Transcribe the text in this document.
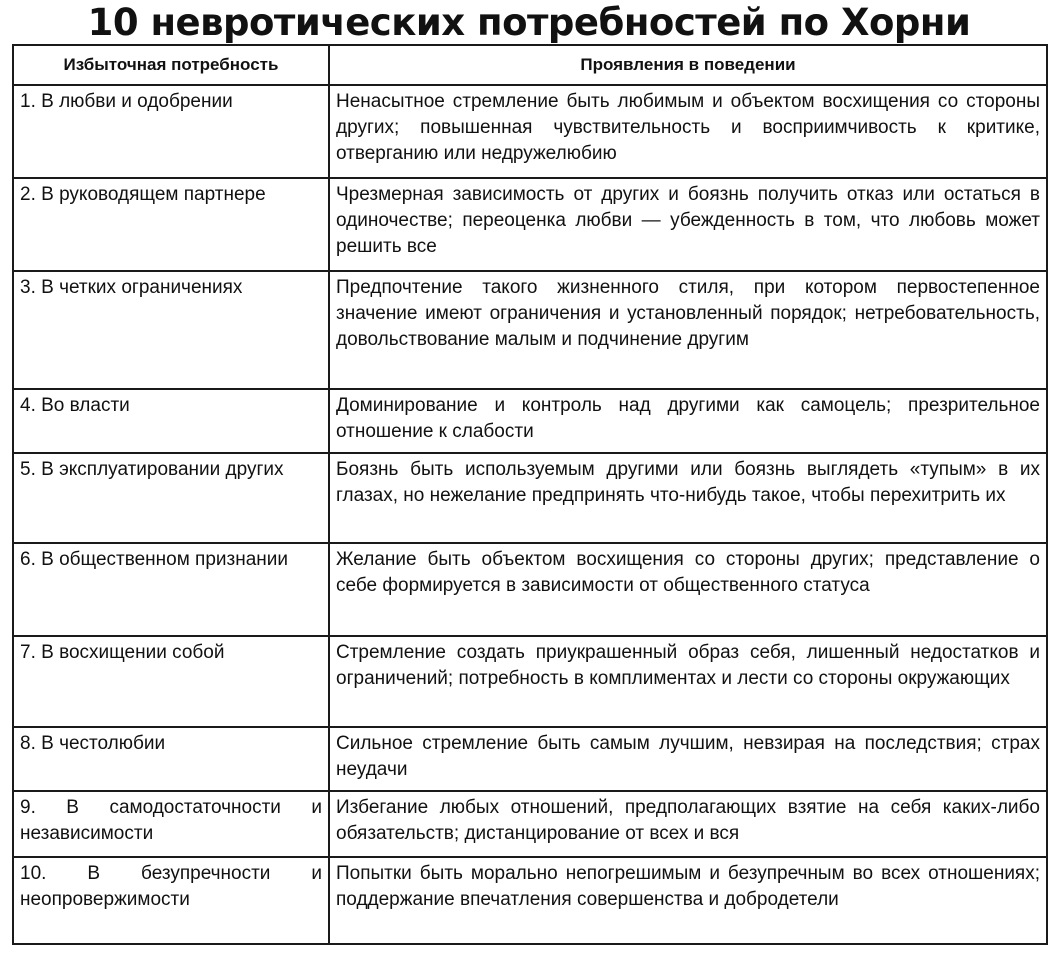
10 невротических потребностей по Хорни
Избыточная потребность	Проявления в поведении
1. В любви и одобрении	Ненасытное стремление быть любимым и объектом восхищения со стороны других; повышенная чувствительность и восприимчивость к критике, отверганию или недружелюбию
2. В руководящем партнере	Чрезмерная зависимость от других и боязнь получить отказ или остаться в одиночестве; переоценка любви — убежденность в том, что любовь может решить все
3. В четких ограничениях	Предпочтение такого жизненного стиля, при котором первостепенное значение имеют ограничения и установленный порядок; нетребовательность, довольствование малым и подчинение другим
4. Во власти	Доминирование и контроль над другими как самоцель; презрительное отношение к слабости
5. В эксплуатировании других	Боязнь быть используемым другими или боязнь выглядеть «тупым» в их глазах, но нежелание предпринять что-нибудь такое, чтобы перехитрить их
6. В общественном признании	Желание быть объектом восхищения со стороны других; представление о себе формируется в зависимости от общественного статуса
7. В восхищении собой	Стремление создать приукрашенный образ себя, лишенный недостатков и ограничений; потребность в комплиментах и лести со стороны окружающих
8. В честолюбии	Сильное стремление быть самым лучшим, невзирая на последствия; страх неудачи
9. В самодостаточности и независимости	Избегание любых отношений, предполагающих взятие на себя каких-либо обязательств; дистанцирование от всех и вся
10. В безупречности и неопровержимости	Попытки быть морально непогрешимым и безупречным во всех отношениях; поддержание впечатления совершенства и добродетели
